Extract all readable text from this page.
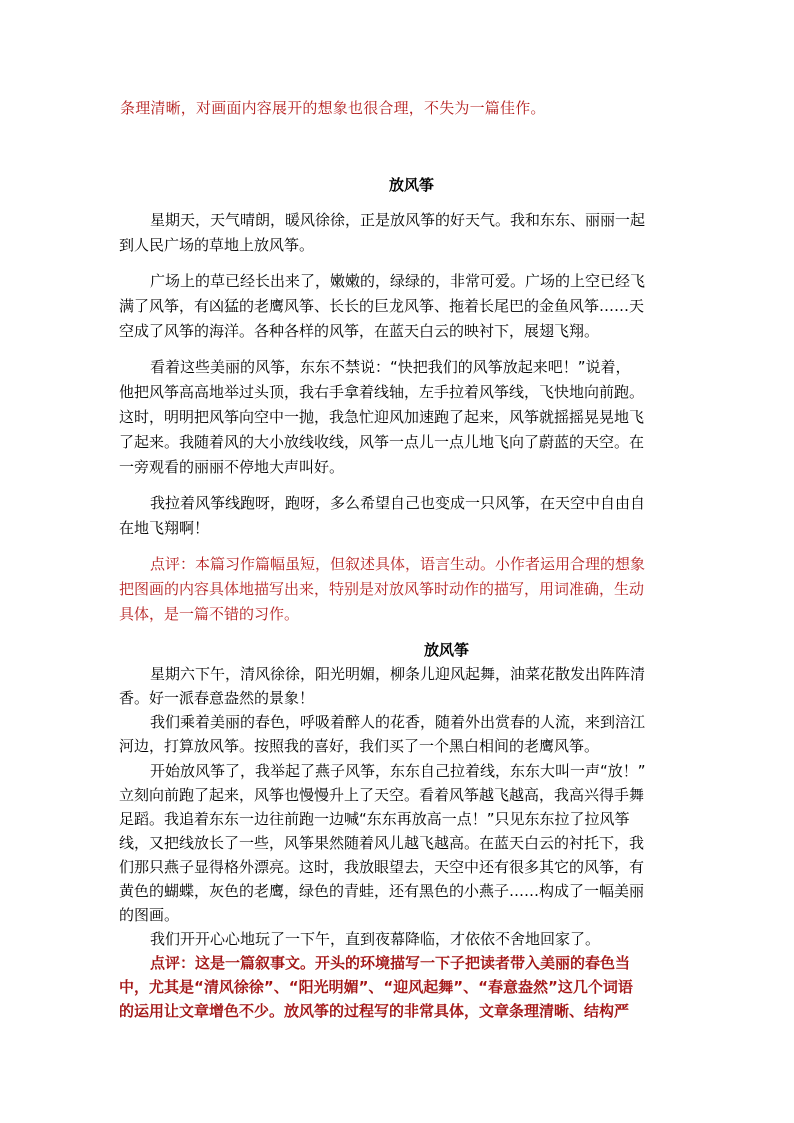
条理清晰，对画面内容展开的想象也很合理，不失为一篇佳作。

放风筝

星期天，天气晴朗，暖风徐徐，正是放风筝的好天气。我和东东、丽丽一起

到人民广场的草地上放风筝。

广场上的草已经长出来了，嫩嫩的，绿绿的，非常可爱。广场的上空已经飞

满了风筝，有凶猛的老鹰风筝、长长的巨龙风筝、拖着长尾巴的金鱼风筝……天

空成了风筝的海洋。各种各样的风筝，在蓝天白云的映衬下，展翅飞翔。

看着这些美丽的风筝，东东不禁说：“快把我们的风筝放起来吧！”说着，

他把风筝高高地举过头顶，我右手拿着线轴，左手拉着风筝线，飞快地向前跑。

这时，明明把风筝向空中一抛，我急忙迎风加速跑了起来，风筝就摇摇晃晃地飞

了起来。我随着风的大小放线收线，风筝一点儿一点儿地飞向了蔚蓝的天空。在

一旁观看的丽丽不停地大声叫好。

我拉着风筝线跑呀，跑呀，多么希望自己也变成一只风筝，在天空中自由自

在地飞翔啊！

点评：本篇习作篇幅虽短，但叙述具体，语言生动。小作者运用合理的想象

把图画的内容具体地描写出来，特别是对放风筝时动作的描写，用词准确，生动

具体，是一篇不错的习作。

放风筝

星期六下午，清风徐徐，阳光明媚，柳条儿迎风起舞，油菜花散发出阵阵清

香。好一派春意盎然的景象！

我们乘着美丽的春色，呼吸着醉人的花香，随着外出赏春的人流，来到涪江

河边，打算放风筝。按照我的喜好，我们买了一个黑白相间的老鹰风筝。

开始放风筝了，我举起了燕子风筝，东东自己拉着线，东东大叫一声“放！”

立刻向前跑了起来，风筝也慢慢升上了天空。看着风筝越飞越高，我高兴得手舞

足蹈。我追着东东一边往前跑一边喊“东东再放高一点！”只见东东拉了拉风筝

线，又把线放长了一些，风筝果然随着风儿越飞越高。在蓝天白云的衬托下，我

们那只燕子显得格外漂亮。这时，我放眼望去，天空中还有很多其它的风筝，有

黄色的蝴蝶，灰色的老鹰，绿色的青蛙，还有黑色的小燕子……构成了一幅美丽

的图画。

我们开开心心地玩了一下午，直到夜幕降临，才依依不舍地回家了。

点评：这是一篇叙事文。开头的环境描写一下子把读者带入美丽的春色当

中，尤其是“清风徐徐”、“阳光明媚”、“迎风起舞”、“春意盎然”这几个词语

的运用让文章增色不少。放风筝的过程写的非常具体，文章条理清晰、结构严
